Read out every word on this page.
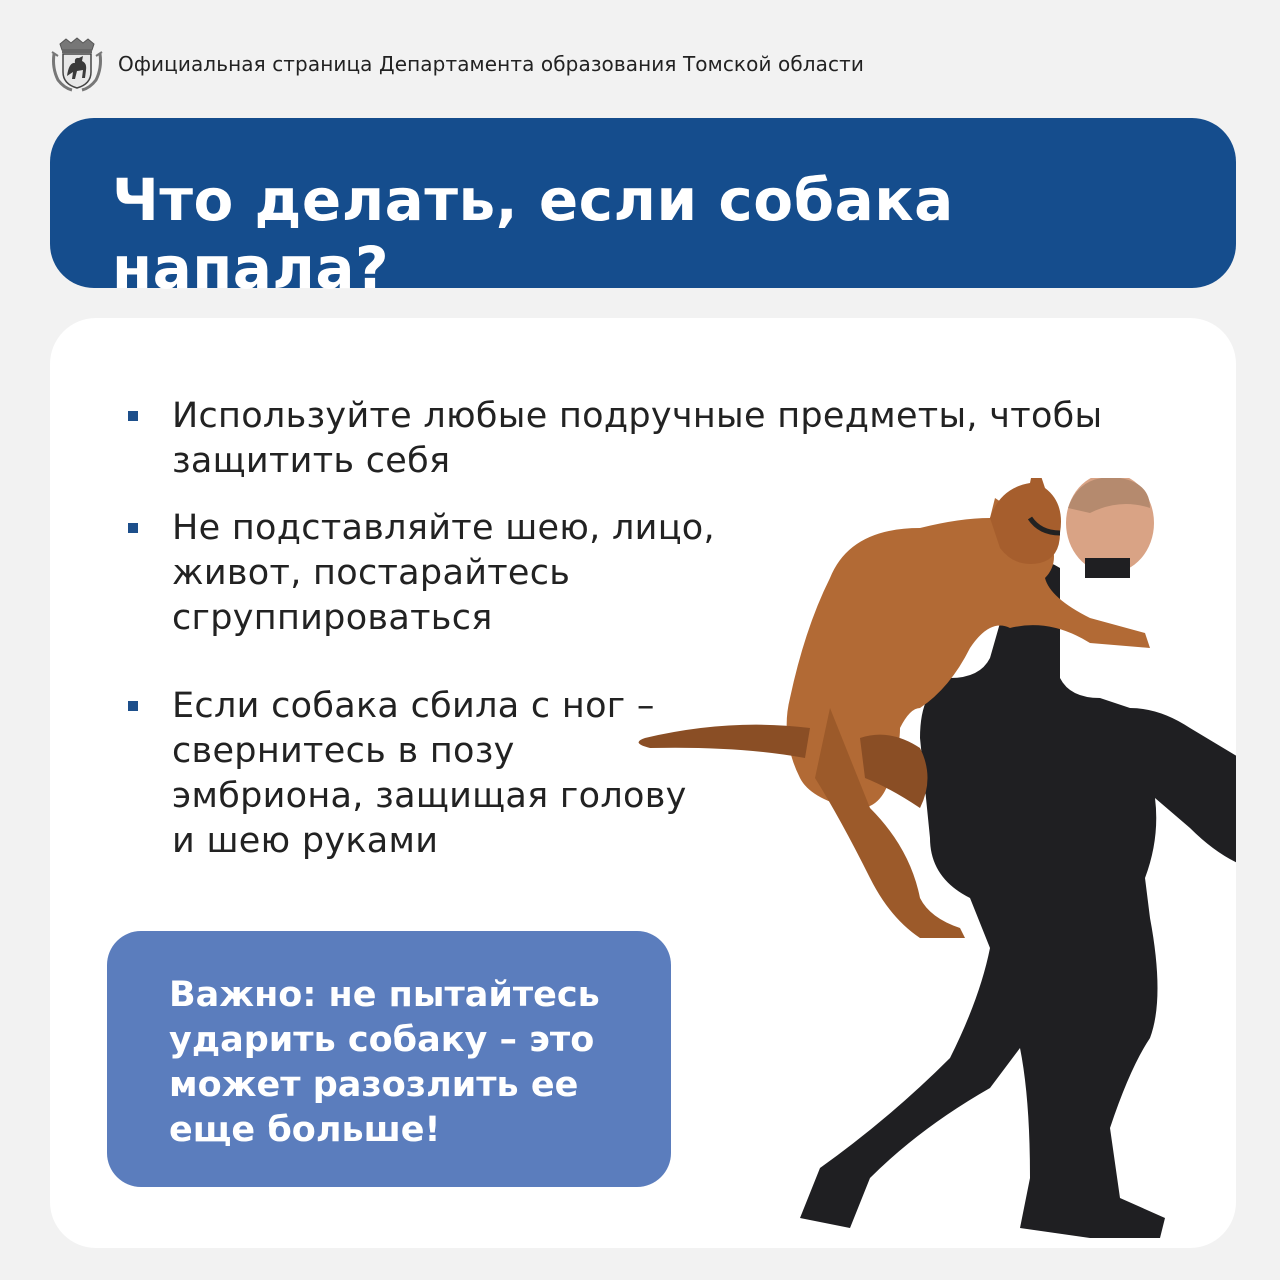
Официальная страница Департамента образования Томской области
Что делать, если собака напала?
Используйте любые подручные предметы, чтобы защитить себя
Не подставляйте шею, лицо, живот, постарайтесь сгруппироваться
Если собака сбила с ног – свернитесь в позу эмбриона, защищая голову и шею руками
Важно: не пытайтесь ударить собаку – это может разозлить ее еще больше!
